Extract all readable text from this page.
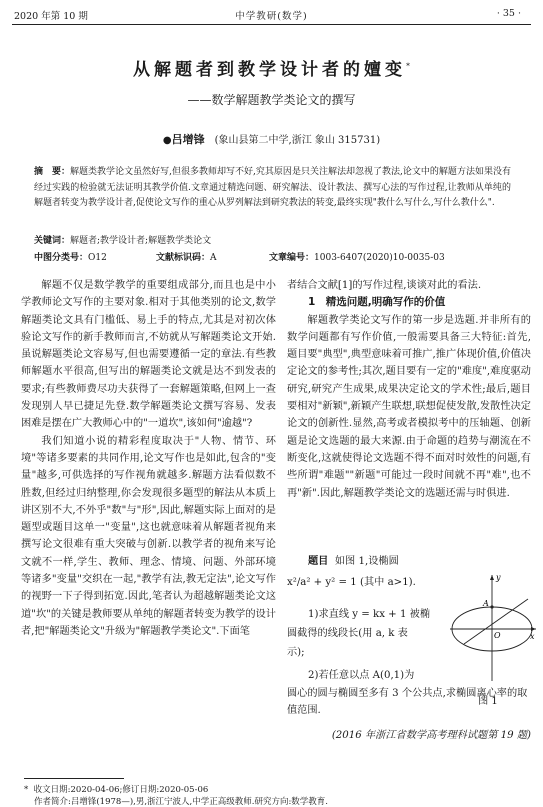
2020 年第 10 期	中学教研(数学)	· 35 ·
从解题者到教学设计者的嬗变*
——数学解题教学类论文的撰写
●吕增锋 (象山县第二中学,浙江 象山 315731)
摘　要：解题类教学论文虽然好写,但很多教师却写不好,究其原因是只关注解法却忽视了教法,论文中的解题方法如果没有经过实践的检验就无法证明其教学价值.文章通过精选问题、研究解法、设计教法、撰写心法的写作过程,让教师从单纯的解题者转变为教学设计者,促使论文写作的重心从罗列解法到研究教法的转变,最终实现"教什么写什么,写什么教什么".
关键词：解题者;教学设计者;解题教学类论文
中图分类号：O12	文献标识码：A	文章编号：1003-6407(2020)10-0035-03

解题不仅是数学教学的重要组成部分,而且也是中小学教师论文写作的主要对象.相对于其他类别的论文,数学解题类论文具有门槛低、易上手的特点,尤其是对初次体验论文写作的新手教师而言,不妨就从写解题类论文开始.虽说解题类论文容易写,但也需要遵循一定的章法.有些教师解题水平很高,但写出的解题类论文就是达不到发表的要求;有些教师费尽功夫获得了一套解题策略,但网上一查发现别人早已捷足先登.数学解题类论文撰写容易、发表困难是摆在广大教师心中的"一道坎",该如何"逾越"?

我们知道小说的精彩程度取决于"人物、情节、环境"等诸多要素的共同作用,论文写作也是如此,包含的"变量"越多,可供选择的写作视角就越多.解题方法看似数不胜数,但经过归纳整理,你会发现很多题型的解法从本质上讲区别不大,不外乎"数"与"形",因此,解题实际上面对的是题型或题目这单一"变量",这也就意味着从解题者视角来撰写论文很难有重大突破与创新.以教学者的视角来写论文就不一样,学生、教师、理念、情境、问题、外部环境等诸多"变量"交织在一起,"教学有法,教无定法",论文写作的视野一下子得到拓宽.因此,笔者认为超越解题类论文这道"坎"的关键是教师要从单纯的解题者转变为教学的设计者,把"解题类论文"升级为"解题教学类论文".下面笔

者结合文献[1]的写作过程,谈谈对此的看法.

1　精选问题,明确写作的价值

解题教学类论文写作的第一步是选题.并非所有的数学问题都有写作价值,一般需要具备三大特征:首先,题目要"典型",典型意味着可推广,推广体现价值,价值决定论文的参考性;其次,题目要有一定的"难度",难度驱动研究,研究产生成果,成果决定论文的学术性;最后,题目要相对"新颖",新颖产生联想,联想促使发散,发散性决定论文的创新性.显然,高考或者模拟考中的压轴题、创新题是论文选题的最大来源.由于命题的趋势与潮流在不断变化,这就使得论文选题不得不面对时效性的问题,有些所谓"难题""新题"可能过一段时间就不再"难",也不再"新".因此,解题教学类论文的选题还需与时俱进.

题目 如图 1,设椭圆
x²/a² + y² = 1 (其中 a>1).
1)求直线 y = kx + 1 被椭
圆截得的线段长(用 a, k 表
示);
2)若任意以点 A(0,1)为
圆心的圆与椭圆至多有 3 个公共点,求椭圆离心率的取值范围.
y
x
A
O
图 1
(2016 年浙江省数学高考理科试题第 19 题)
* 收文日期:2020-04-06;修订日期:2020-05-06
作者简介:吕增锋(1978—),男,浙江宁波人,中学正高级教师.研究方向:数学教育.
